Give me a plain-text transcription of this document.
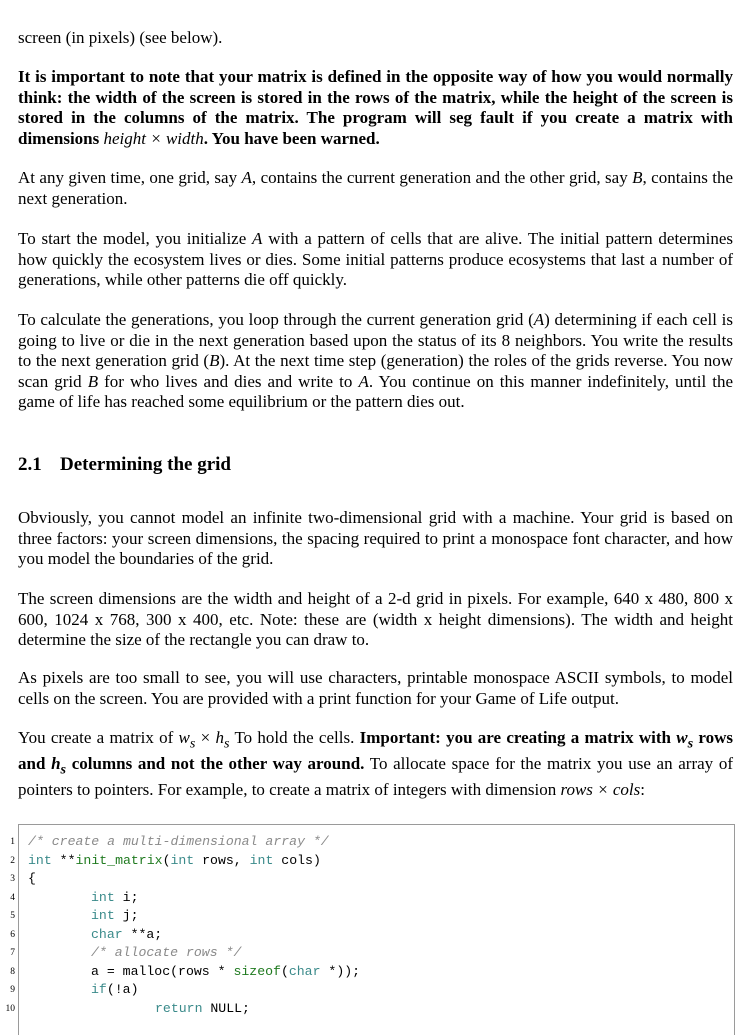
screen (in pixels) (see below).

It is important to note that your matrix is defined in the opposite way of how you would normally think: the width of the screen is stored in the rows of the matrix, while the height of the screen is stored in the columns of the matrix. The program will seg fault if you create a matrix with dimensions height × width. You have been warned.

At any given time, one grid, say A, contains the current generation and the other grid, say B, contains the next generation.

To start the model, you initialize A with a pattern of cells that are alive. The initial pattern determines how quickly the ecosystem lives or dies. Some initial patterns produce ecosystems that last a number of generations, while other patterns die off quickly.

To calculate the generations, you loop through the current generation grid (A) determining if each cell is going to live or die in the next generation based upon the status of its 8 neighbors. You write the results to the next generation grid (B). At the next time step (generation) the roles of the grids reverse. You now scan grid B for who lives and dies and write to A. You continue on this manner indefinitely, until the game of life has reached some equilibrium or the pattern dies out.

2.1 Determining the grid

Obviously, you cannot model an infinite two-dimensional grid with a machine. Your grid is based on three factors: your screen dimensions, the spacing required to print a monospace font character, and how you model the boundaries of the grid.

The screen dimensions are the width and height of a 2-d grid in pixels. For example, 640 x 480, 800 x 600, 1024 x 768, 300 x 400, etc. Note: these are (width x height dimensions). The width and height determine the size of the rectangle you can draw to.

As pixels are too small to see, you will use characters, printable monospace ASCII symbols, to model cells on the screen. You are provided with a print function for your Game of Life output.

You create a matrix of $w_s \times h_s$ To hold the cells. Important: you are creating a matrix with $w_s$ rows and $h_s$ columns and not the other way around. To allocate space for the matrix you use an array of pointers to pointers. For example, to create a matrix of integers with dimension rows × cols:

1 /* create a multi-dimensional array */
2 int **init_matrix(int rows, int cols)
3 {
4	int i;
5	int j;
6	char **a;
7	/* allocate rows */
8	a = malloc(rows * sizeof(char *));
9	if(!a)
10	return NULL;
